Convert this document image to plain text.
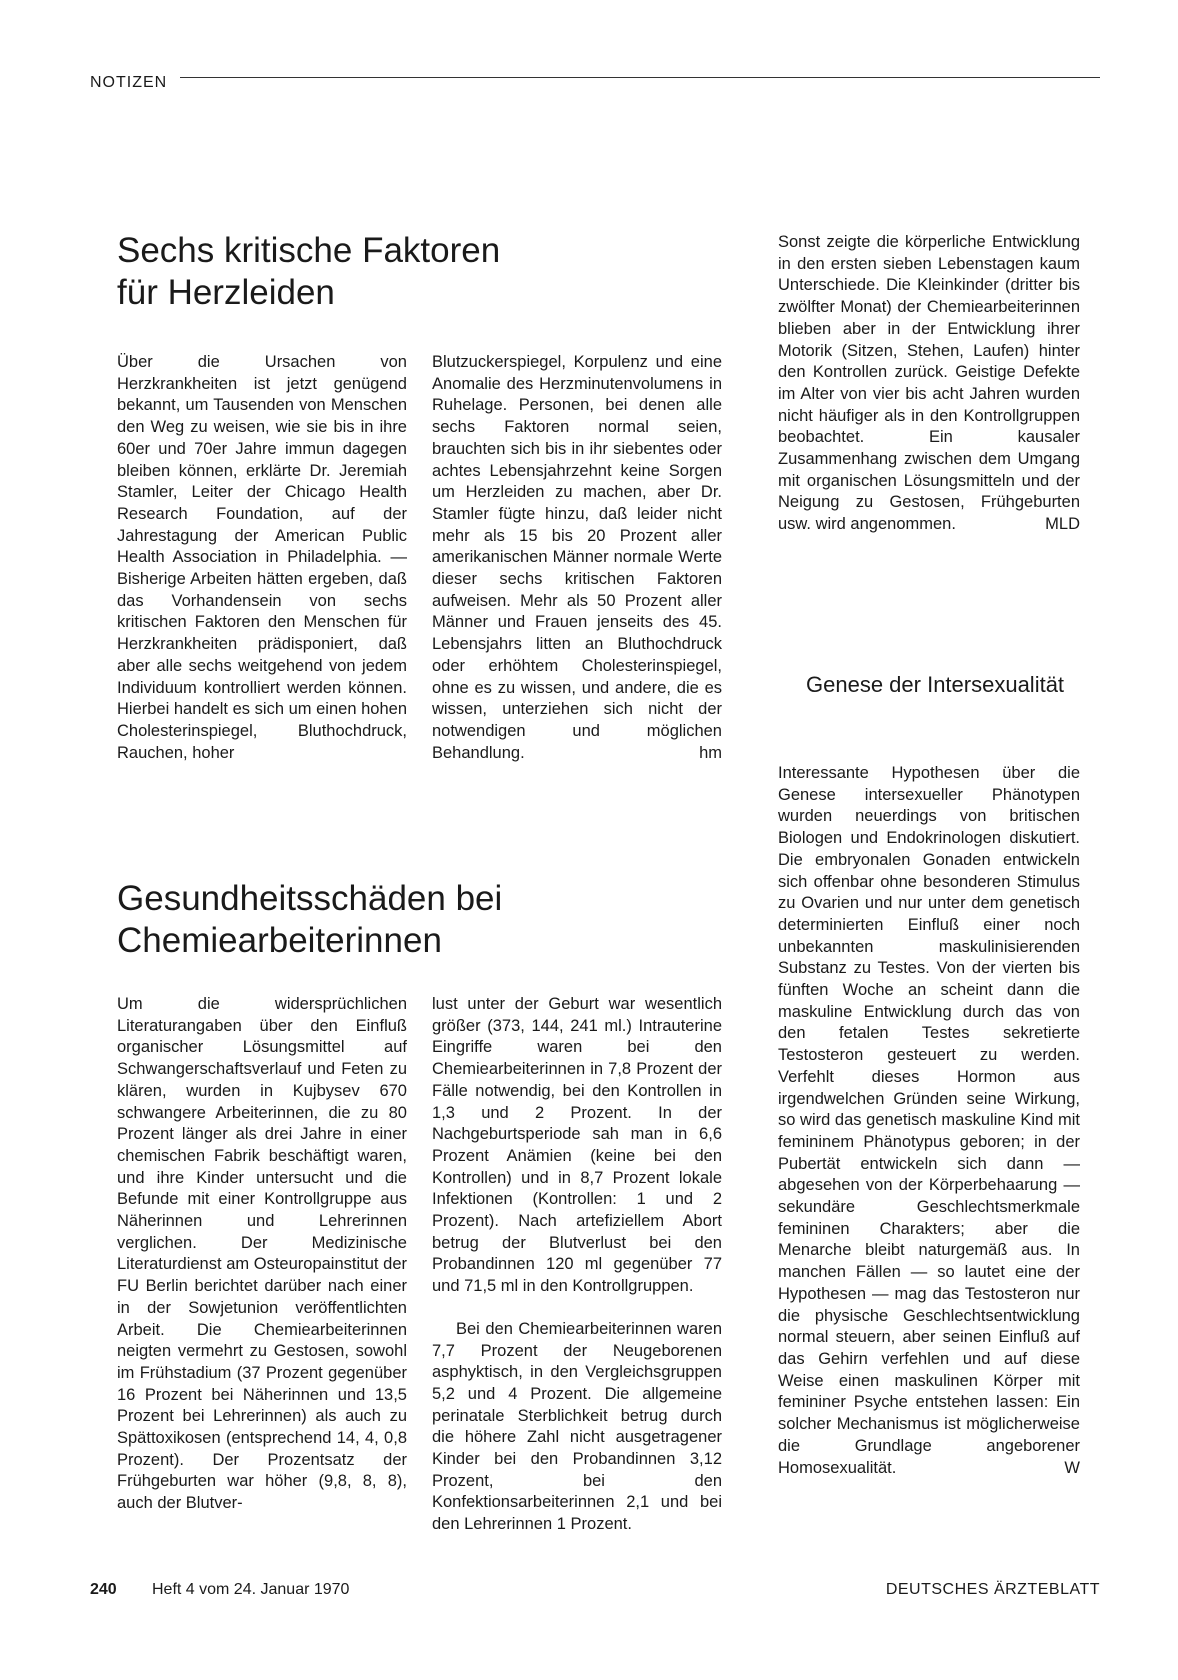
NOTIZEN
Sechs kritische Faktoren für Herzleiden

Über die Ursachen von Herzkrankheiten ist jetzt genügend bekannt, um Tausenden von Menschen den Weg zu weisen, wie sie bis in ihre 60er und 70er Jahre immun dagegen bleiben können, erklärte Dr. Jeremiah Stamler, Leiter der Chicago Health Research Foundation, auf der Jahrestagung der American Public Health Association in Philadelphia. — Bisherige Arbeiten hätten ergeben, daß das Vorhandensein von sechs kritischen Faktoren den Menschen für Herzkrankheiten prädisponiert, daß aber alle sechs weitgehend von jedem Individuum kontrolliert werden können. Hierbei handelt es sich um einen hohen Cholesterinspiegel, Bluthochdruck, Rauchen, hoher

Blutzuckerspiegel, Korpulenz und eine Anomalie des Herzminutenvolumens in Ruhelage. Personen, bei denen alle sechs Faktoren normal seien, brauchten sich bis in ihr siebentes oder achtes Lebensjahrzehnt keine Sorgen um Herzleiden zu machen, aber Dr. Stamler fügte hinzu, daß leider nicht mehr als 15 bis 20 Prozent aller amerikanischen Männer normale Werte dieser sechs kritischen Faktoren aufweisen. Mehr als 50 Prozent aller Männer und Frauen jenseits des 45. Lebensjahrs litten an Bluthochdruck oder erhöhtem Cholesterinspiegel, ohne es zu wissen, und andere, die es wissen, unterziehen sich nicht der notwendigen und möglichen Behandlung.	hm

Sonst zeigte die körperliche Entwicklung in den ersten sieben Lebenstagen kaum Unterschiede. Die Kleinkinder (dritter bis zwölfter Monat) der Chemiearbeiterinnen blieben aber in der Entwicklung ihrer Motorik (Sitzen, Stehen, Laufen) hinter den Kontrollen zurück. Geistige Defekte im Alter von vier bis acht Jahren wurden nicht häufiger als in den Kontrollgruppen beobachtet. Ein kausaler Zusammenhang zwischen dem Umgang mit organischen Lösungsmitteln und der Neigung zu Gestosen, Frühgeburten usw. wird angenommen.	MLD

Gesundheitsschäden bei Chemiearbeiterinnen

Um die widersprüchlichen Literaturangaben über den Einfluß organischer Lösungsmittel auf Schwangerschaftsverlauf und Feten zu klären, wurden in Kujbysev 670 schwangere Arbeiterinnen, die zu 80 Prozent länger als drei Jahre in einer chemischen Fabrik beschäftigt waren, und ihre Kinder untersucht und die Befunde mit einer Kontrollgruppe aus Näherinnen und Lehrerinnen verglichen. Der Medizinische Literaturdienst am Osteuropainstitut der FU Berlin berichtet darüber nach einer in der Sowjetunion veröffentlichten Arbeit. Die Chemiearbeiterinnen neigten vermehrt zu Gestosen, sowohl im Frühstadium (37 Prozent gegenüber 16 Prozent bei Näherinnen und 13,5 Prozent bei Lehrerinnen) als auch zu Spättoxikosen (entsprechend 14, 4, 0,8 Prozent). Der Prozentsatz der Frühgeburten war höher (9,8, 8, 8), auch der Blutver-

lust unter der Geburt war wesentlich größer (373, 144, 241 ml.) Intrauterine Eingriffe waren bei den Chemiearbeiterinnen in 7,8 Prozent der Fälle notwendig, bei den Kontrollen in 1,3 und 2 Prozent. In der Nachgeburtsperiode sah man in 6,6 Prozent Anämien (keine bei den Kontrollen) und in 8,7 Prozent lokale Infektionen (Kontrollen: 1 und 2 Prozent). Nach artefiziellem Abort betrug der Blutverlust bei den Probandinnen 120 ml gegenüber 77 und 71,5 ml in den Kontrollgruppen.

Bei den Chemiearbeiterinnen waren 7,7 Prozent der Neugeborenen asphyktisch, in den Vergleichsgruppen 5,2 und 4 Prozent. Die allgemeine perinatale Sterblichkeit betrug durch die höhere Zahl nicht ausgetragener Kinder bei den Probandinnen 3,12 Prozent, bei den Konfektionsarbeiterinnen 2,1 und bei den Lehrerinnen 1 Prozent.

Genese der Intersexualität

Interessante Hypothesen über die Genese intersexueller Phänotypen wurden neuerdings von britischen Biologen und Endokrinologen diskutiert. Die embryonalen Gonaden entwickeln sich offenbar ohne besonderen Stimulus zu Ovarien und nur unter dem genetisch determinierten Einfluß einer noch unbekannten maskulinisierenden Substanz zu Testes. Von der vierten bis fünften Woche an scheint dann die maskuline Entwicklung durch das von den fetalen Testes sekretierte Testosteron gesteuert zu werden. Verfehlt dieses Hormon aus irgendwelchen Gründen seine Wirkung, so wird das genetisch maskuline Kind mit femininem Phänotypus geboren; in der Pubertät entwickeln sich dann — abgesehen von der Körperbehaarung — sekundäre Geschlechtsmerkmale femininen Charakters; aber die Menarche bleibt naturgemäß aus. In manchen Fällen — so lautet eine der Hypothesen — mag das Testosteron nur die physische Geschlechtsentwicklung normal steuern, aber seinen Einfluß auf das Gehirn verfehlen und auf diese Weise einen maskulinen Körper mit femininer Psyche entstehen lassen: Ein solcher Mechanismus ist möglicherweise die Grundlage angeborener Homosexualität.	W

240 Heft 4 vom 24. Januar 1970	DEUTSCHES ÄRZTEBLATT
